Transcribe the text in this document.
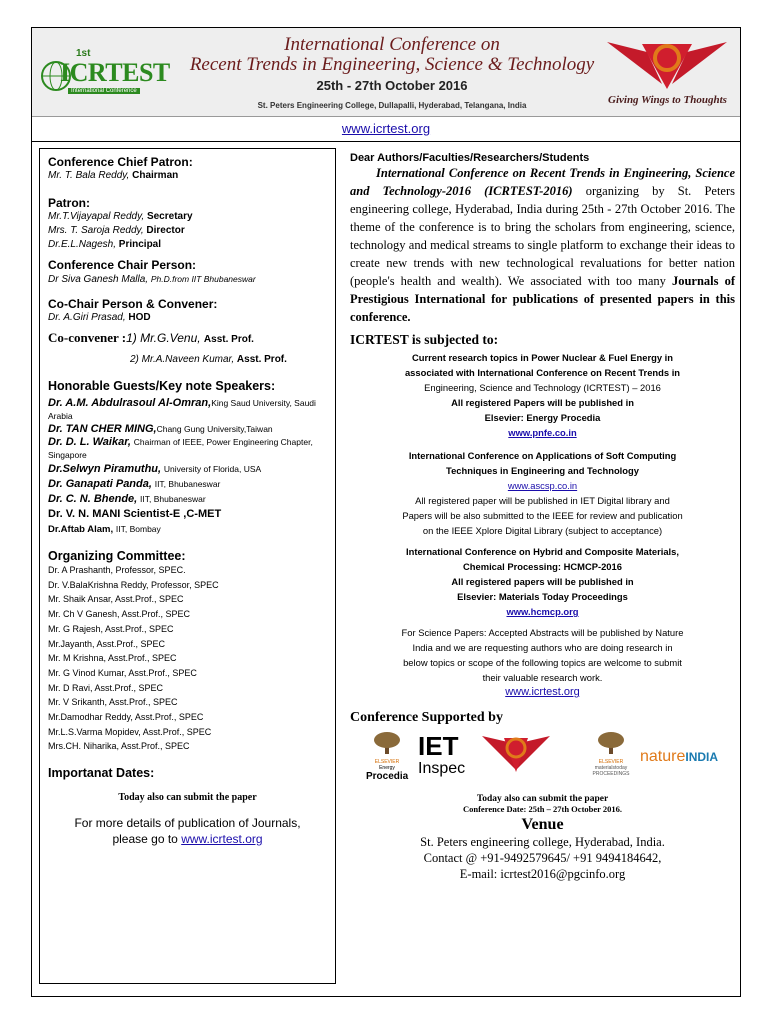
1st
ICRTEST
International Conference
International Conference on
Recent Trends in Engineering, Science & Technology
25th - 27th October 2016
St. Peters Engineering College, Dullapalli, Hyderabad, Telangana, India	Giving Wings to Thoughts
www.icrtest.org

Conference Chief Patron:

Mr. T. Bala Reddy, Chairman

Patron:

Mr.T.Vijayapal Reddy, Secretary

Mrs. T. Saroja Reddy, Director

Dr.E.L.Nagesh, Principal

Conference Chair Person:

Dr Siva Ganesh Malla, Ph.D.from IIT Bhubaneswar

Co-Chair Person & Convener:

Dr. A.Giri Prasad, HOD

Co-convener :1) Mr.G.Venu, Asst. Prof.

2) Mr.A.Naveen Kumar, Asst. Prof.

Honorable Guests/Key note Speakers:

Dr. A.M. Abdulrasoul Al-Omran,King Saud University, Saudi Arabia

Dr. TAN CHER MING,Chang Gung University,Taiwan

Dr. D. L. Waikar, Chairman of IEEE, Power Engineering Chapter, Singapore

Dr.Selwyn Piramuthu, University of Florida, USA

Dr. Ganapati Panda, IIT, Bhubaneswar

Dr. C. N. Bhende, IIT, Bhubaneswar

Dr. V. N. MANI Scientist-E ,C-MET

Dr.Aftab Alam, IIT, Bombay

Organizing Committee:

Dr. A Prashanth, Professor, SPEC.

Dr. V.BalaKrishna Reddy, Professor, SPEC

Mr. Shaik Ansar, Asst.Prof., SPEC

Mr. Ch V Ganesh, Asst.Prof., SPEC

Mr. G Rajesh, Asst.Prof., SPEC

Mr.Jayanth, Asst.Prof., SPEC

Mr. M Krishna, Asst.Prof., SPEC

Mr. G Vinod Kumar, Asst.Prof., SPEC

Mr. D Ravi, Asst.Prof., SPEC

Mr. V Srikanth, Asst.Prof., SPEC

Mr.Damodhar Reddy, Asst.Prof., SPEC

Mr.L.S.Varma Mopidev, Asst.Prof., SPEC

Mrs.CH. Niharika, Asst.Prof., SPEC

Importanat Dates:

Today also can submit the paper

For more details of publication of Journals,

please go to www.icrtest.org

Dear Authors/Faculties/Researchers/Students

International Conference on Recent Trends in Engineering, Science and Technology-2016 (ICRTEST-2016) organizing by St. Peters engineering college, Hyderabad, India during 25th - 27th October 2016. The theme of the conference is to bring the scholars from engineering, science, technology and medical streams to single platform to exchange their ideas to create new trends with new technological revaluations for better nation (people's health and wealth). We associated with too many Journals of Prestigious International for publications of presented papers in this conference.

ICRTEST is subjected to:

Current research topics in Power Nuclear & Fuel Energy in

associated with International Conference on Recent Trends in

Engineering, Science and Technology (ICRTEST) – 2016

All registered Papers will be published in

Elsevier: Energy Procedia

www.pnfe.co.in

International Conference on Applications of Soft Computing

Techniques in Engineering and Technology

www.ascsp.co.in

All registered paper will be published in IET Digital library and

Papers will be also submitted to the IEEE for review and publication

on the IEEE Xplore Digital Library (subject to acceptance)

International Conference on Hybrid and Composite Materials,

Chemical Processing: HCMCP-2016

All registered papers will be published in

Elsevier: Materials Today Proceedings

www.hcmcp.org

For Science Papers: Accepted Abstracts will be published by Nature

India and we are requesting authors who are doing research in

below topics or scope of the following topics are welcome to submit

their valuable research work.

www.icrtest.org

Conference Supported by

ELSEVIER
Energy
Procedia
IET
Inspec	ELSEVIER
materialstoday PROCEEDINGS
natureINDIA

Today also can submit the paper

Conference Date: 25th – 27th October 2016.

Venue

St. Peters engineering college, Hyderabad, India.

Contact @ +91-9492579645/ +91 9494184642,

E-mail: icrtest2016@pgcinfo.org
